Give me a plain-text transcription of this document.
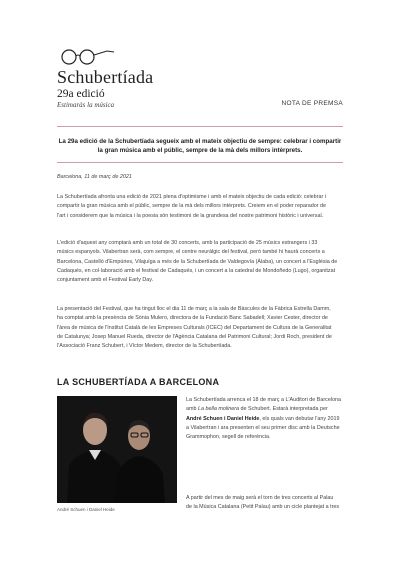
Schubertíada
29a edició
Estimaràs la música	NOTA DE PREMSA
La 29a edició de la Schubertíada segueix amb el mateix objectiu de sempre: celebrar i compartir
la gran música amb el públic, sempre de la mà dels millors intèrprets.

Barcelona, 11 de març de 2021

La Schubertíada afronta una edició de 2021 plena d'optimisme i amb el mateix objectiu de cada edició: celebrar i

compartir la gran música amb el públic, sempre de la mà dels millors intèrprets. Creiem en el poder reparador de

l'art i considerem que la música i la poesia són testimoni de la grandesa del nostre patrimoni històric i universal.

L'edició d'aquest any comptarà amb un total de 30 concerts, amb la participació de 25 músics estrangers i 33

músics espanyols. Vilabertran serà, com sempre, el centre neuràlgic del festival, però també hi haurà concerts a

Barcelona, Castelló d'Empúries, Vilajuïga a més de la Schubertíada de Valdegovía (Àlaba), un concert a l'Església de

Cadaqués, en col·laboració amb el festival de Cadaqués, i un concert a la catedral de Mondoñedo (Lugo), organitzat

conjuntament amb el Festival Early Day.

La presentació del Festival, que ha tingut lloc el dia 11 de març a la sala de Bàscules de la Fàbrica Estrella Damm,

ha comptat amb la presència de Sònia Mulero, directora de la Fundació Banc Sabadell; Xavier Cester, director de

l'àrea de música de l'Institut Català de les Empreses Culturals (ICEC) del Departament de Cultura de la Generalitat

de Catalunya; Josep Manuel Rueda, director de l'Agència Catalana del Patrimoni Cultural; Jordi Roch, president de

l'Associació Franz Schubert, i Víctor Medem, director de la Schubertíada.

LA SCHUBERTÍADA A BARCELONA
André Schuen i Daniel Heide

La Schubertíada arrenca el 18 de març a L'Auditori de Barcelona

amb La bella molinera de Schubert. Estarà interpretada per

André Schuen i Daniel Heide, els quals van debutar l'any 2019

a Vilabertran i ara presenten el seu primer disc amb la Deutsche

Grammophon, segell de referència.

A partir del mes de maig serà el torn de tres concerts al Palau

de la Música Catalana (Petit Palau) amb un cicle plantejat a tres
